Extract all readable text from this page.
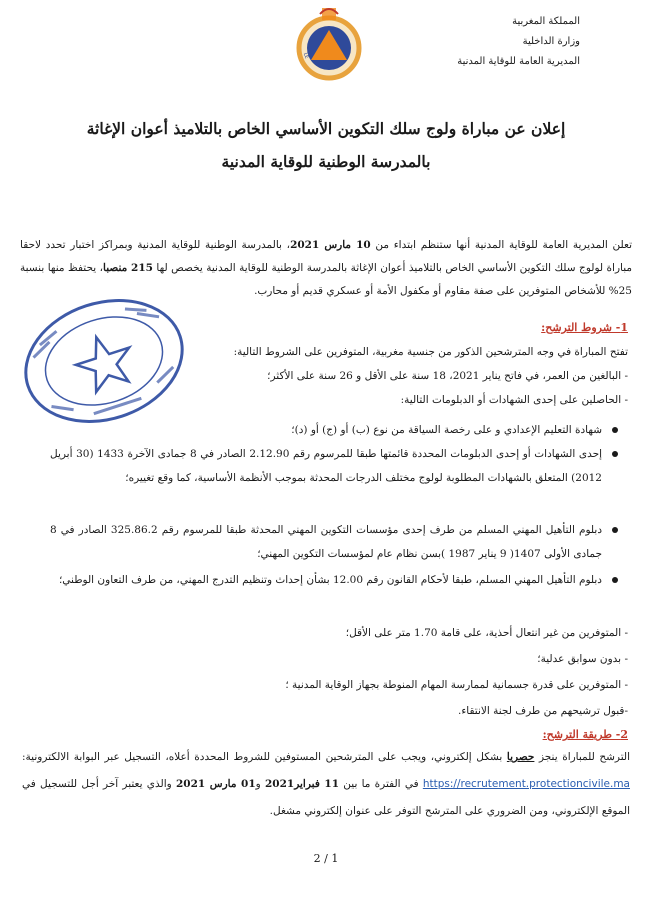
المملكة المغربية
وزارة الداخلية
المديرية العامة للوقاية المدنية
LE
إعلان عن مباراة ولوج سلك التكوين الأساسي الخاص بالتلاميذ أعوان الإغاثة
بالمدرسة الوطنية للوقاية المدنية
تعلن المديرية العامة للوقاية المدنية أنها ستنظم ابتداء من 10 مارس 2021، بالمدرسة الوطنية للوقاية المدنية وبمراكز اختبار تحدد لاحقا مباراة لولوج سلك التكوين الأساسي الخاص بالتلاميذ أعوان الإغاثة بالمدرسة الوطنية للوقاية المدنية يخصص لها 215 منصبا، يحتفظ منها بنسبة 25% للأشخاص المتوفرين على صفة مقاوم أو مكفول الأمة أو عسكري قديم أو محارب.
1- شروط الترشح:
تفتح المباراة في وجه المترشحين الذكور من جنسية مغربية، المتوفرين على الشروط التالية:
- البالغين من العمر، في فاتح يناير 2021، 18 سنة على الأقل و 26 سنة على الأكثر؛
- الحاصلين على إحدى الشهادات أو الدبلومات التالية:
شهادة التعليم الإعدادي و على رخصة السياقة من نوع (ب) أو (ج) أو (د)؛
إحدى الشهادات أو إحدى الدبلومات المحددة قائمتها طبقا للمرسوم رقم 2.12.90 الصادر في 8 جمادى الآخرة 1433 (30 أبريل 2012) المتعلق بالشهادات المطلوبة لولوج مختلف الدرجات المحدثة بموجب الأنظمة الأساسية، كما وقع تغييره؛
دبلوم التأهيل المهني المسلم من طرف إحدى مؤسسات التكوين المهني المحدثة طبقا للمرسوم رقم 325.86.2 الصادر في 8 جمادى الأولى 1407( 9 يناير 1987 )بسن نظام عام لمؤسسات التكوين المهني؛
دبلوم التأهيل المهني المسلم، طبقا لأحكام القانون رقم 12.00 بشأن إحداث وتنظيم التدرج المهني، من طرف التعاون الوطني؛
- المتوفرين من غير انتعال أحذية، على قامة 1.70 متر على الأقل؛
- بدون سوابق عدلية؛
- المتوفرين على قدرة جسمانية لممارسة المهام المنوطة بجهاز الوقاية المدنية ؛
-قبول ترشيحهم من طرف لجنة الانتقاء.
2- طريقة الترشح:
الترشح للمباراة ينجز حصريا بشكل إلكتروني، ويجب على المترشحين المستوفين للشروط المحددة أعلاه، التسجيل عبر البوابة الالكترونية: https://recrutement.protectioncivile.ma في الفترة ما بين 11 فبراير2021 و01 مارس 2021 والذي يعتبر آخر أجل للتسجيل في الموقع الإلكتروني، ومن الضروري على المترشح التوفر على عنوان إلكتروني مشغل.
2 / 1
